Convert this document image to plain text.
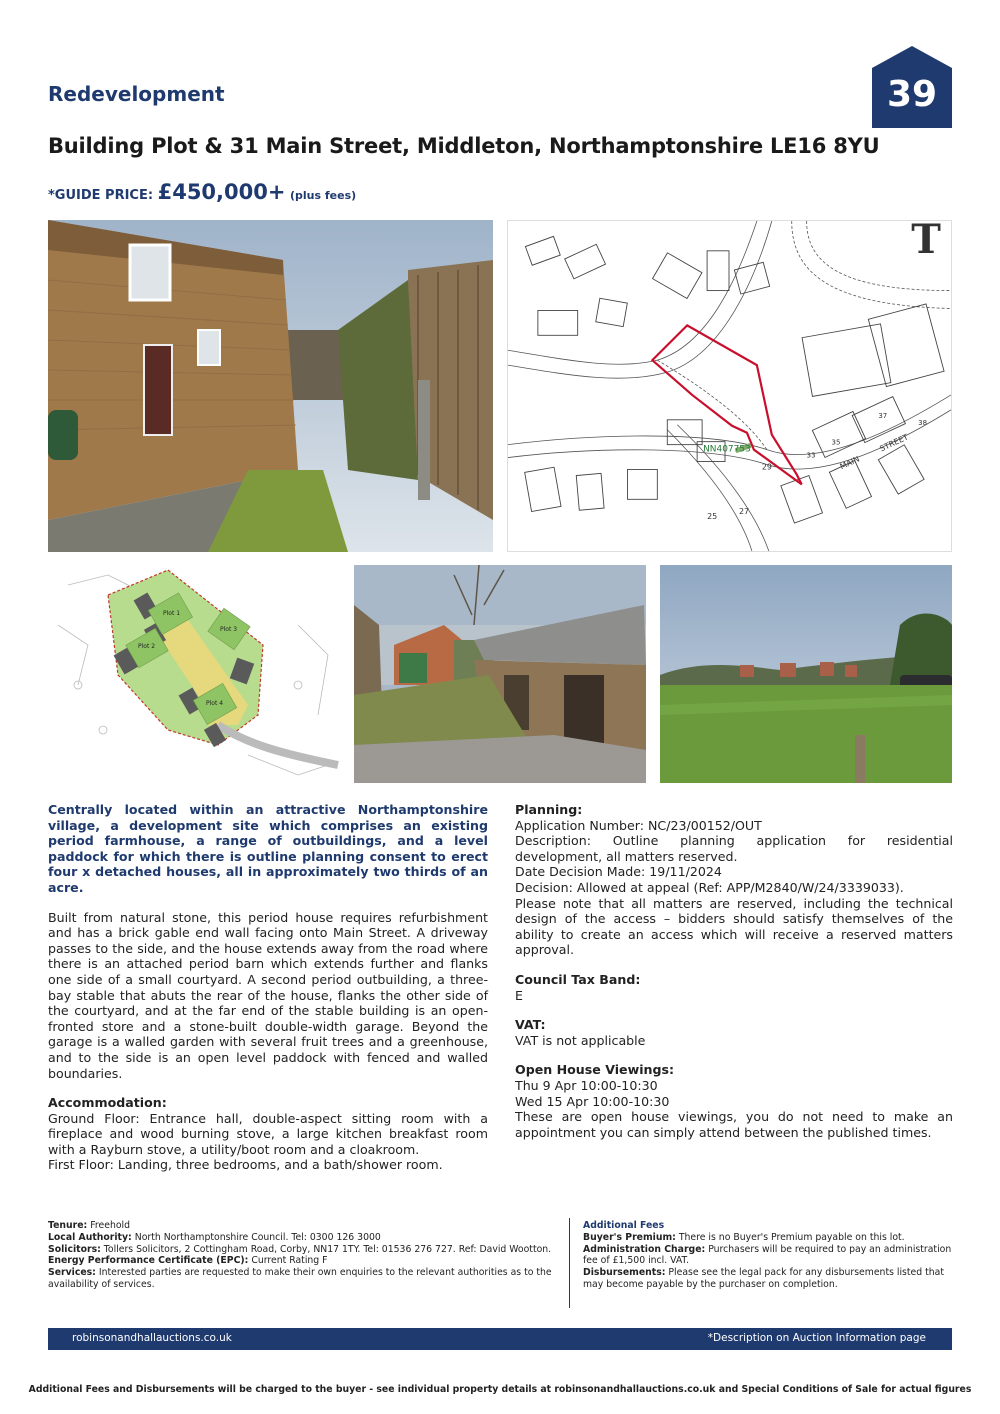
Redevelopment	39
Building Plot & 31 Main Street, Middleton, Northamptonshire LE16 8YU
*GUIDE PRICE: £450,000+ (plus fees)
T
NN407753
MAIN
STREET
29
27
25
33
35
37
38
Plot 1
Plot 2
Plot 3
Plot 4

Centrally located within an attractive Northamptonshire village, a development site which comprises an existing period farmhouse, a range of outbuildings, and a level paddock for which there is outline planning consent to erect four x detached houses, all in approximately two thirds of an acre.

Built from natural stone, this period house requires refurbishment and has a brick gable end wall facing onto Main Street. A driveway passes to the side, and the house extends away from the road where there is an attached period barn which extends further and flanks one side of a small courtyard. A second period outbuilding, a three-bay stable that abuts the rear of the house, flanks the other side of the courtyard, and at the far end of the stable building is an open-fronted store and a stone-built double-width garage. Beyond the garage is a walled garden with several fruit trees and a greenhouse, and to the side is an open level paddock with fenced and walled boundaries.

Accommodation:

Ground Floor: Entrance hall, double-aspect sitting room with a fireplace and wood burning stove, a large kitchen breakfast room with a Rayburn stove, a utility/boot room and a cloakroom.

First Floor: Landing, three bedrooms, and a bath/shower room.

Planning:

Application Number: NC/23/00152/OUT

Description: Outline planning application for residential development, all matters reserved.

Date Decision Made: 19/11/2024

Decision: Allowed at appeal (Ref: APP/M2840/W/24/3339033).

Please note that all matters are reserved, including the technical design of the access – bidders should satisfy themselves of the ability to create an access which will receive a reserved matters approval.

Council Tax Band:

E

VAT:

VAT is not applicable

Open House Viewings:

Thu 9 Apr 10:00-10:30

Wed 15 Apr 10:00-10:30

These are open house viewings, you do not need to make an appointment you can simply attend between the published times.

Tenure: Freehold
Local Authority: North Northamptonshire Council. Tel: 0300 126 3000
Solicitors: Tollers Solicitors, 2 Cottingham Road, Corby, NN17 1TY. Tel: 01536 276 727. Ref: David Wootton.
Energy Performance Certificate (EPC): Current Rating F
Services: Interested parties are requested to make their own enquiries to the relevant authorities as to the availability of services.
Additional Fees
Buyer's Premium: There is no Buyer's Premium payable on this lot.
Administration Charge: Purchasers will be required to pay an administration fee of £1,500 incl. VAT.
Disbursements: Please see the legal pack for any disbursements listed that may become payable by the purchaser on completion.
robinsonandhallauctions.co.uk	*Description on Auction Information page
Additional Fees and Disbursements will be charged to the buyer - see individual property details at robinsonandhallauctions.co.uk and Special Conditions of Sale for actual figures
